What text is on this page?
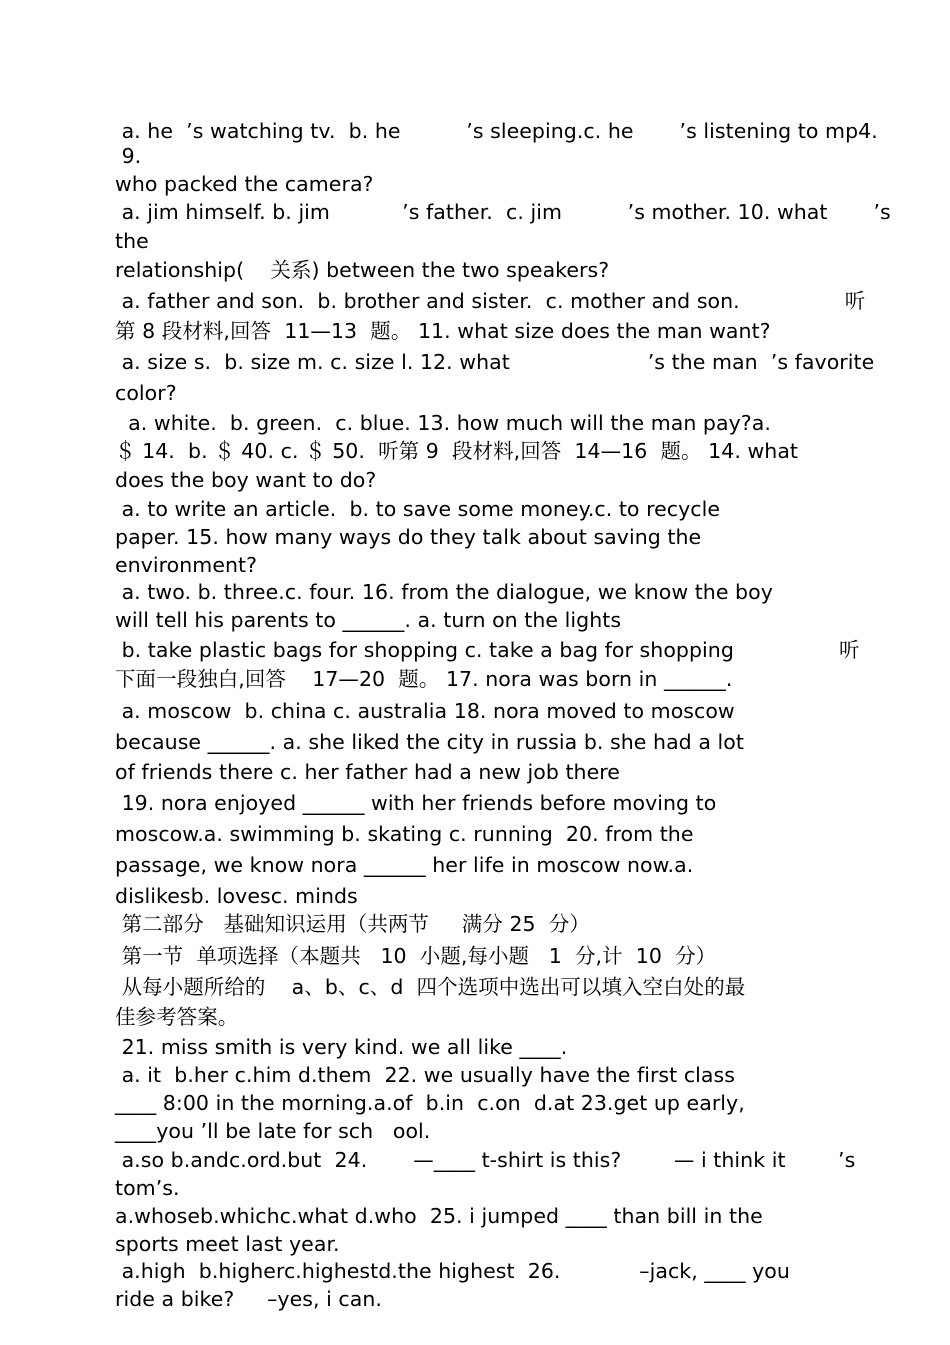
a. he  ’s watching tv.  b. he          ’s sleeping.c. he       ’s listening to mp4.
9.
who packed the camera?
a. jim himself. b. jim           ’s father.  c. jim          ’s mother. 10. what       ’s
the
relationship(    关系) between the two speakers?
a. father and son.  b. brother and sister.  c. mother and son.                听
第 8 段材料,回答  11—13  题。 11. what size does the man want?
a. size s.  b. size m. c. size l. 12. what                     ’s the man  ’s favorite
color?
a. white.  b. green.  c. blue. 13. how much will the man pay?a.
＄ 14.  b. ＄ 40. c. ＄ 50.  听第 9  段材料,回答  14—16  题。 14. what
does the boy want to do?
a. to write an article.  b. to save some money.c. to recycle
paper. 15. how many ways do they talk about saving the
environment?
a. two. b. three.c. four. 16. from the dialogue, we know the boy
will tell his parents to ______. a. turn on the lights
b. take plastic bags for shopping c. take a bag for shopping                听
下面一段独白,回答    17—20  题。 17. nora was born in ______.
a. moscow  b. china c. australia 18. nora moved to moscow
because ______. a. she liked the city in russia b. she had a lot
of friends there c. her father had a new job there
19. nora enjoyed ______ with her friends before moving to
moscow.a. swimming b. skating c. running  20. from the
passage, we know nora ______ her life in moscow now.a.
dislikesb. lovesc. minds
第二部分   基础知识运用（共两节     满分 25  分）
第一节  单项选择（本题共   10  小题,每小题   1  分,计  10  分）
从每小题所给的    a、b、c、d  四个选项中选出可以填入空白处的最
佳参考答案。
21. miss smith is very kind. we all like ____.
a. it  b.her c.him d.them  22. we usually have the first class
____ 8:00 in the morning.a.of  b.in  c.on  d.at 23.get up early,
____you ’ll be late for sch   ool.
a.so b.andc.ord.but  24.       —____ t-shirt is this?        — i think it        ’s
tom’s.
a.whoseb.whichc.what d.who  25. i jumped ____ than bill in the
sports meet last year.
a.high  b.higherc.highestd.the highest  26.            –jack, ____ you
ride a bike?     –yes, i can.
